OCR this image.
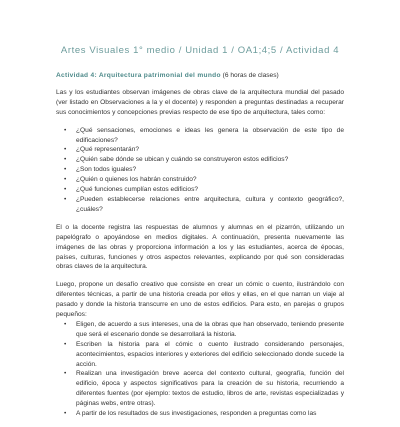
Artes Visuales 1° medio / Unidad 1 / OA1;4;5 / Actividad 4
Actividad 4: Arquitectura patrimonial del mundo (6 horas de clases)

Las y los estudiantes observan imágenes de obras clave de la arquitectura mundial del pasado (ver listado en Observaciones a la y el docente) y responden a preguntas destinadas a recuperar sus conocimientos y concepciones previas respecto de ese tipo de arquitectura, tales como:

• ¿Qué sensaciones, emociones e ideas les genera la observación de este tipo de edificaciones?
• ¿Qué representarán?
• ¿Quién sabe dónde se ubican y cuándo se construyeron estos edificios?
• ¿Son todos iguales?
• ¿Quién o quienes los habrán construido?
• ¿Qué funciones cumplían estos edificios?
• ¿Pueden establecerse relaciones entre arquitectura, cultura y contexto geográfico?, ¿cuáles?

El o la docente registra las respuestas de alumnos y alumnas en el pizarrón, utilizando un papelógrafo o apoyándose en medios digitales. A continuación, presenta nuevamente las imágenes de las obras y proporciona información a los y las estudiantes, acerca de épocas, países, culturas, funciones y otros aspectos relevantes, explicando por qué son consideradas obras claves de la arquitectura.

Luego, propone un desafío creativo que consiste en crear un cómic o cuento, ilustrándolo con diferentes técnicas, a partir de una historia creada por ellos y ellas, en el que narran un viaje al pasado y donde la historia transcurre en uno de estos edificios. Para esto, en parejas o grupos pequeños:

• Eligen, de acuerdo a sus intereses, una de la obras que han observado, teniendo presente que será el escenario donde se desarrollará la historia.
• Escriben la historia para el cómic o cuento ilustrado considerando personajes, acontecimientos, espacios interiores y exteriores del edificio seleccionado donde sucede la acción.
• Realizan una investigación breve acerca del contexto cultural, geografía, función del edificio, época y aspectos significativos para la creación de su historia, recurriendo a diferentes fuentes (por ejemplo: textos de estudio, libros de arte, revistas especializadas y páginas webs, entre otras).
• A partir de los resultados de sus investigaciones, responden a preguntas como las
